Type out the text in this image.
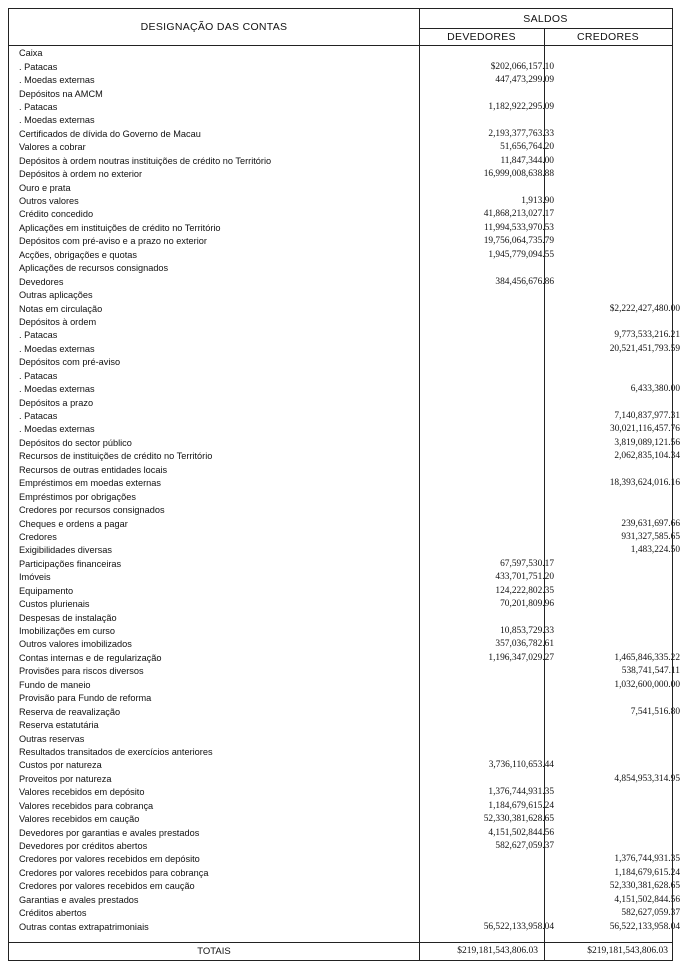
DESIGNAÇÃO DAS CONTAS
SALDOS
DEVEDORES	CREDORES
Caixa		
. Patacas	$202,066,157.10	
. Moedas externas	447,473,299.09	
Depósitos na AMCM		
. Patacas	1,182,922,295.09	
. Moedas externas		
Certificados de dívida do Governo de Macau	2,193,377,763.33	
Valores a cobrar	51,656,764.20	
Depósitos à ordem noutras instituições de crédito no Território	11,847,344.00	
Depósitos à ordem no exterior	16,999,008,638.88	
Ouro e prata		
Outros valores	1,913.90	
Crédito concedido	41,868,213,027.17	
Aplicações em instituições de crédito no Território	11,994,533,970.53	
Depósitos com pré-aviso e a prazo no exterior	19,756,064,735.79	
Acções, obrigações e quotas	1,945,779,094.55	
Aplicações de recursos consignados		
Devedores	384,456,676.86	
Outras aplicações		
Notas em circulação		$2,222,427,480.00
Depósitos à ordem		
. Patacas		9,773,533,216.21
. Moedas externas		20,521,451,793.59
Depósitos com pré-aviso		
. Patacas		
. Moedas externas		6,433,380.00
Depósitos a prazo		
. Patacas		7,140,837,977.31
. Moedas externas		30,021,116,457.76
Depósitos do sector público		3,819,089,121.56
Recursos de instituições de crédito no Território		2,062,835,104.34
Recursos de outras entidades locais		
Empréstimos em moedas externas		18,393,624,016.16
Empréstimos por obrigações		
Credores por recursos consignados		
Cheques e ordens a pagar		239,631,697.66
Credores		931,327,585.65
Exigibilidades diversas		1,483,224.50
Participações financeiras	67,597,530.17	
Imóveis	433,701,751.20	
Equipamento	124,222,802.35	
Custos plurienais	70,201,809.96	
Despesas de instalação		
Imobilizações em curso	10,853,729.33	
Outros valores imobilizados	357,036,782.61	
Contas internas e de regularização	1,196,347,029.27	1,465,846,335.22
Provisões para riscos diversos		538,741,547.11
Fundo de maneio		1,032,600,000.00
Provisão para Fundo de reforma		
Reserva de reavalização		7,541,516.80
Reserva estatutária		
Outras reservas		
Resultados transitados de exercícios anteriores		
Custos por natureza	3,736,110,653.44	
Proveitos por natureza		4,854,953,314.95
Valores recebidos em depósito	1,376,744,931.35	
Valores recebidos para cobrança	1,184,679,615.24	
Valores recebidos em caução	52,330,381,628.65	
Devedores por garantias e avales prestados	4,151,502,844.56	
Devedores por créditos abertos	582,627,059.37	
Credores por valores recebidos em depósito		1,376,744,931.35
Credores por valores recebidos para cobrança		1,184,679,615.24
Credores por valores recebidos em caução		52,330,381,628.65
Garantias e avales prestados		4,151,502,844.56
Créditos abertos		582,627,059.37
Outras contas extrapatrimoniais	56,522,133,958.04	56,522,133,958.04
TOTAIS	$219,181,543,806.03	$219,181,543,806.03
